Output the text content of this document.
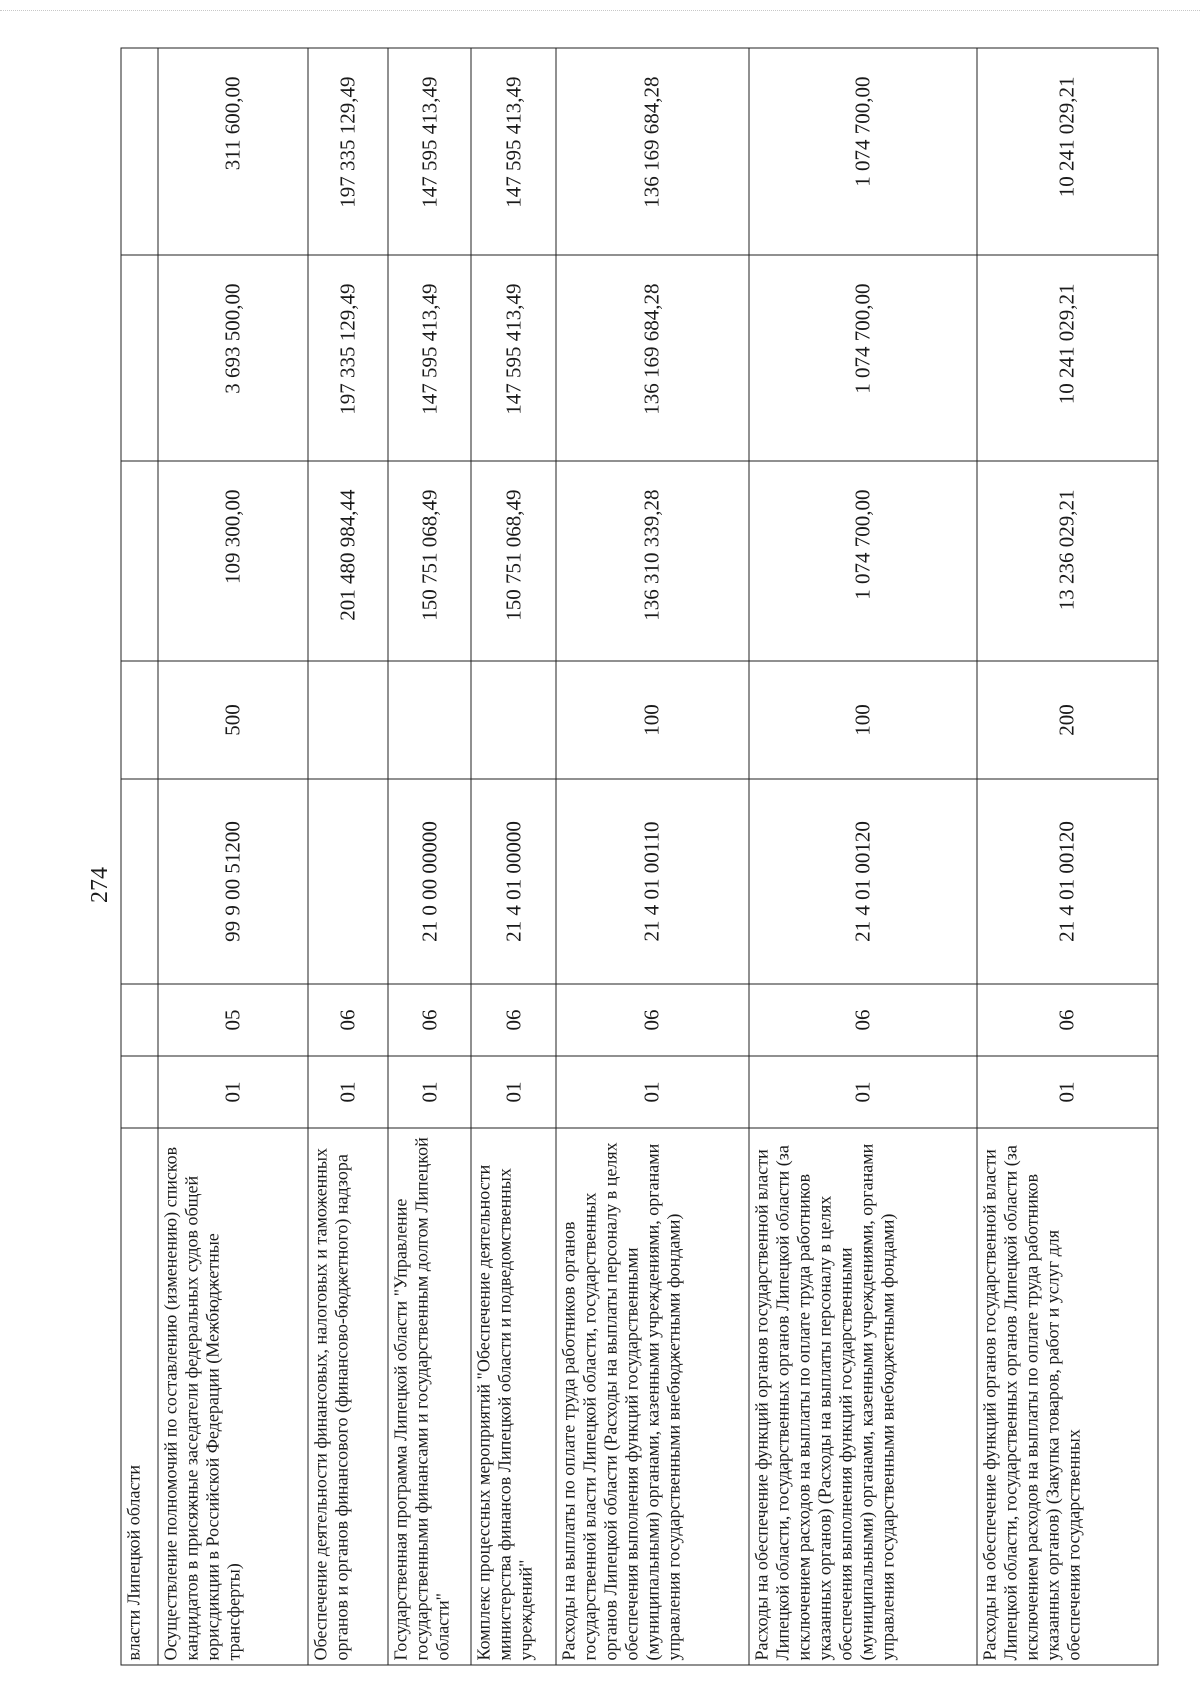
274
власти Липецкой области							
Осуществление полномочий по составлению (изменению) списков кандидатов в присяжные заседатели федеральных судов общей юрисдикции в Российской Федерации (Межбюджетные трансферты)	01	05	99 9 00 51200	500	109 300,00	3 693 500,00	311 600,00
Обеспечение деятельности финансовых, налоговых и таможенных органов и органов финансового (финансово-бюджетного) надзора	01	06			201 480 984,44	197 335 129,49	197 335 129,49
Государственная программа Липецкой области "Управление государственными финансами и государственным долгом Липецкой области"	01	06	21 0 00 00000		150 751 068,49	147 595 413,49	147 595 413,49
Комплекс процессных мероприятий "Обеспечение деятельности министерства финансов Липецкой области и подведомственных учреждений"	01	06	21 4 01 00000		150 751 068,49	147 595 413,49	147 595 413,49
Расходы на выплаты по оплате труда работников органов государственной власти Липецкой области, государственных органов Липецкой области (Расходы на выплаты персоналу в целях обеспечения выполнения функций государственными (муниципальными) органами, казенными учреждениями, органами управления государственными внебюджетными фондами)	01	06	21 4 01 00110	100	136 310 339,28	136 169 684,28	136 169 684,28
Расходы на обеспечение функций органов государственной власти Липецкой области, государственных органов Липецкой области (за исключением расходов на выплаты по оплате труда работников указанных органов) (Расходы на выплаты персоналу в целях обеспечения выполнения функций государственными (муниципальными) органами, казенными учреждениями, органами управления государственными внебюджетными фондами)	01	06	21 4 01 00120	100	1 074 700,00	1 074 700,00	1 074 700,00
Расходы на обеспечение функций органов государственной власти Липецкой области, государственных органов Липецкой области (за исключением расходов на выплаты по оплате труда работников указанных органов) (Закупка товаров, работ и услуг для обеспечения государственных	01	06	21 4 01 00120	200	13 236 029,21	10 241 029,21	10 241 029,21
